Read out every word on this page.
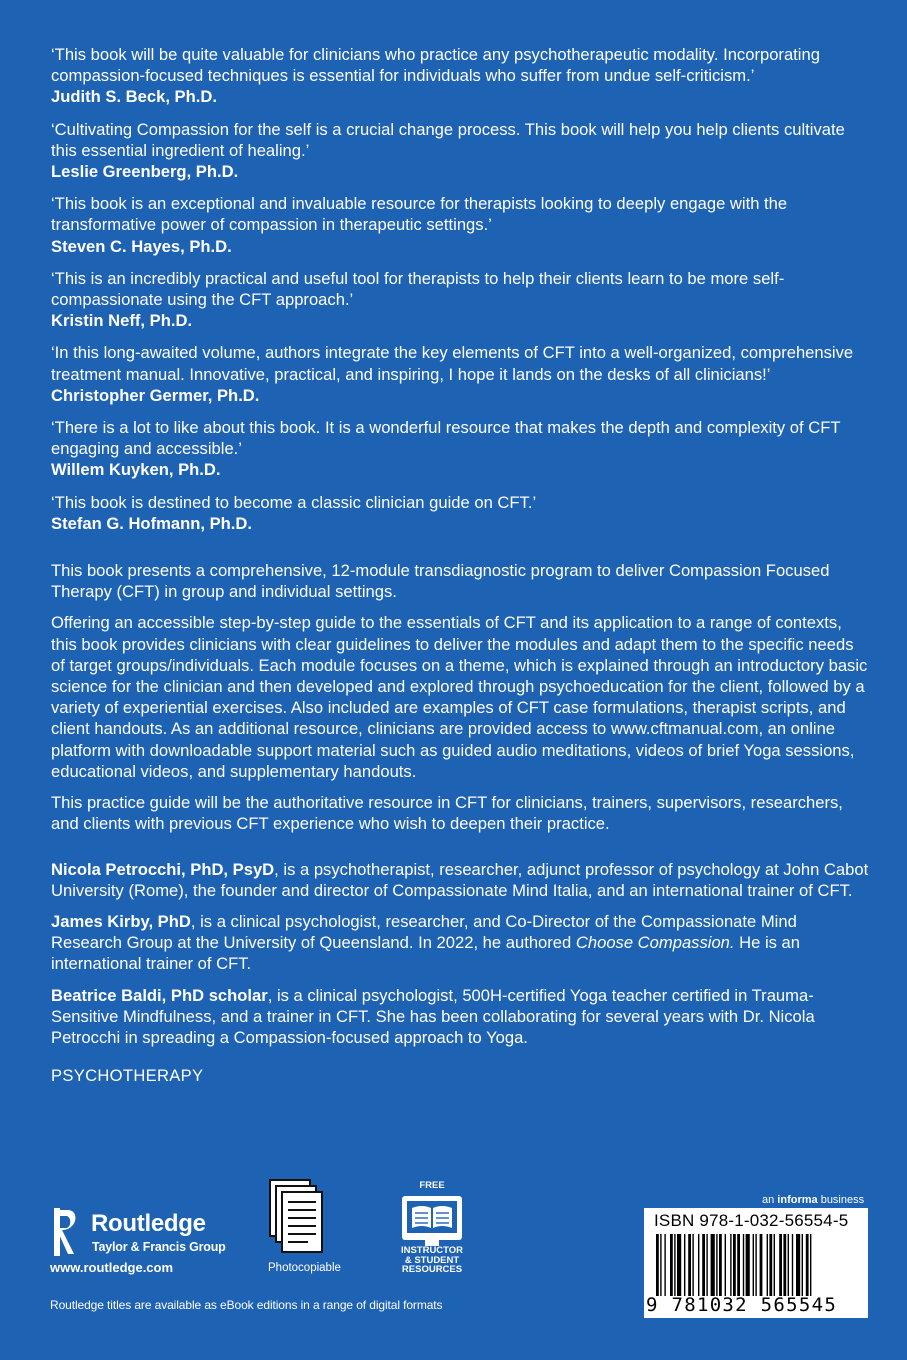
‘This book will be quite valuable for clinicians who practice any psychotherapeutic modality. Incorporating compassion-focused techniques is essential for individuals who suffer from undue self-criticism.’

Judith S. Beck, Ph.D.

‘Cultivating Compassion for the self is a crucial change process. This book will help you help clients cultivate this essential ingredient of healing.’

Leslie Greenberg, Ph.D.

‘This book is an exceptional and invaluable resource for therapists looking to deeply engage with the transformative power of compassion in therapeutic settings.’

Steven C. Hayes, Ph.D.

‘This is an incredibly practical and useful tool for therapists to help their clients learn to be more self-compassionate using the CFT approach.’

Kristin Neff, Ph.D.

‘In this long-awaited volume, authors integrate the key elements of CFT into a well-organized, comprehensive treatment manual. Innovative, practical, and inspiring, I hope it lands on the desks of all clinicians!’

Christopher Germer, Ph.D.

‘There is a lot to like about this book. It is a wonderful resource that makes the depth and complexity of CFT engaging and accessible.’

Willem Kuyken, Ph.D.

‘This book is destined to become a classic clinician guide on CFT.’

Stefan G. Hofmann, Ph.D.

This book presents a comprehensive, 12-module transdiagnostic program to deliver Compassion Focused Therapy (CFT) in group and individual settings.

Offering an accessible step-by-step guide to the essentials of CFT and its application to a range of contexts, this book provides clinicians with clear guidelines to deliver the modules and adapt them to the specific needs of target groups/individuals. Each module focuses on a theme, which is explained through an introductory basic science for the clinician and then developed and explored through psychoeducation for the client, followed by a variety of experiential exercises. Also included are examples of CFT case formulations, therapist scripts, and client handouts. As an additional resource, clinicians are provided access to www.cftmanual.com, an online platform with downloadable support material such as guided audio meditations, videos of brief Yoga sessions, educational videos, and supplementary handouts.

This practice guide will be the authoritative resource in CFT for clinicians, trainers, supervisors, researchers, and clients with previous CFT experience who wish to deepen their practice.

Nicola Petrocchi, PhD, PsyD, is a psychotherapist, researcher, adjunct professor of psychology at John Cabot University (Rome), the founder and director of Compassionate Mind Italia, and an international trainer of CFT.

James Kirby, PhD, is a clinical psychologist, researcher, and Co-Director of the Compassionate Mind Research Group at the University of Queensland. In 2022, he authored Choose Compassion. He is an international trainer of CFT.

Beatrice Baldi, PhD scholar, is a clinical psychologist, 500H-certified Yoga teacher certified in Trauma-Sensitive Mindfulness, and a trainer in CFT. She has been collaborating for several years with Dr. Nicola Petrocchi in spreading a Compassion-focused approach to Yoga.

PSYCHOTHERAPY
Routledge
Taylor & Francis Group
www.routledge.com	Photocopiable
FREE
INSTRUCTOR
& STUDENT
RESOURCES
an informa business
ISBN 978-1-032-56554-5
9 781032 565545
Routledge titles are available as eBook editions in a range of digital formats
